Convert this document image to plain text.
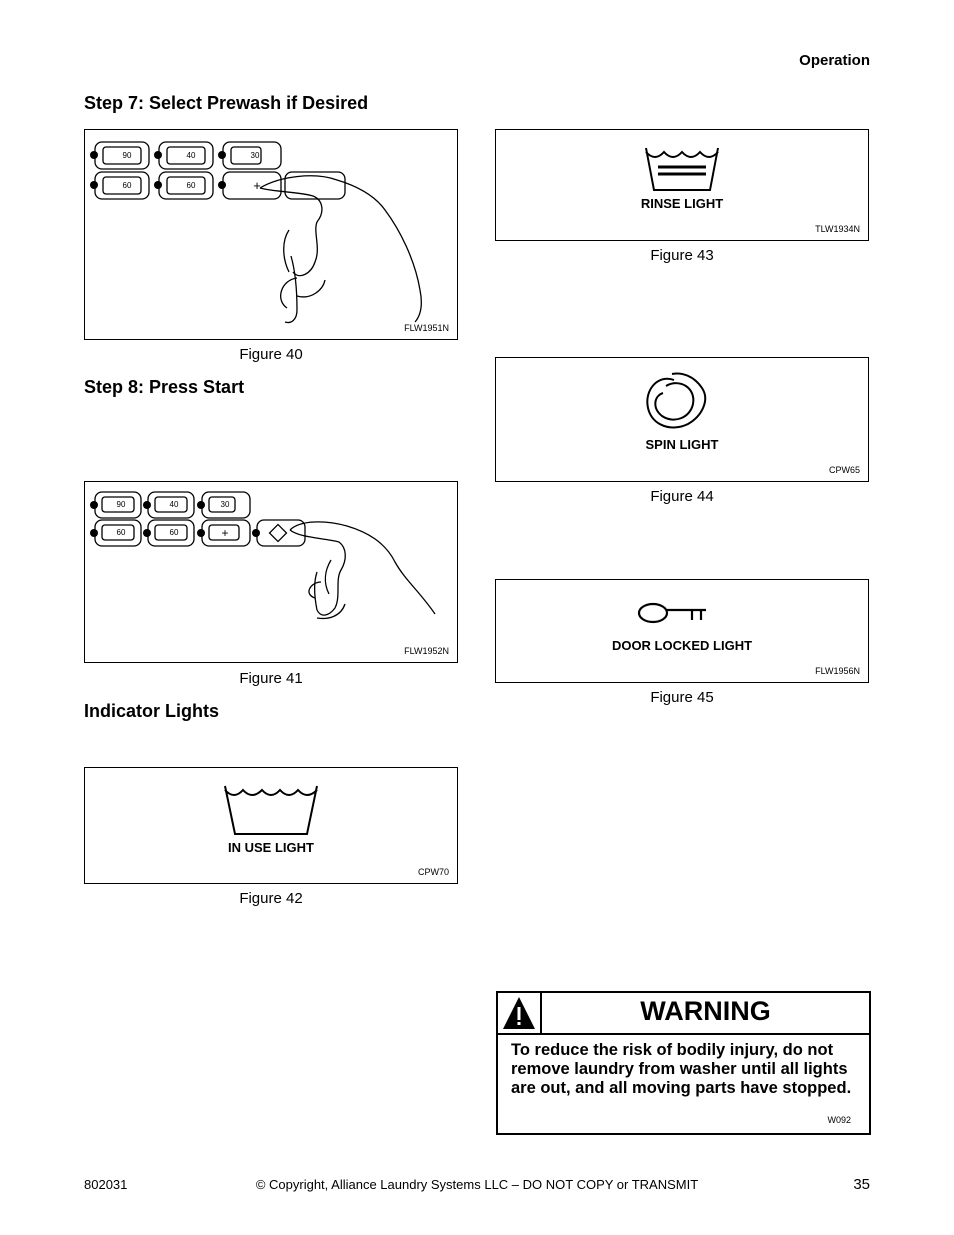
Operation
Step 7: Select Prewash if Desired
90	40	30
60	60	+
FLW1951N
Figure 40
Step 8: Press Start
90	40	30
60	60	+
FLW1952N
Figure 41
Indicator Lights
IN USE LIGHT
CPW70
Figure 42
RINSE LIGHT
TLW1934N
Figure 43
SPIN LIGHT
CPW65
Figure 44
DOOR LOCKED LIGHT
FLW1956N
Figure 45
WARNING
To reduce the risk of bodily injury, do not remove laundry from washer until all lights are out, and all moving parts have stopped.
W092
802031	© Copyright, Alliance Laundry Systems LLC – DO NOT COPY or TRANSMIT	35
